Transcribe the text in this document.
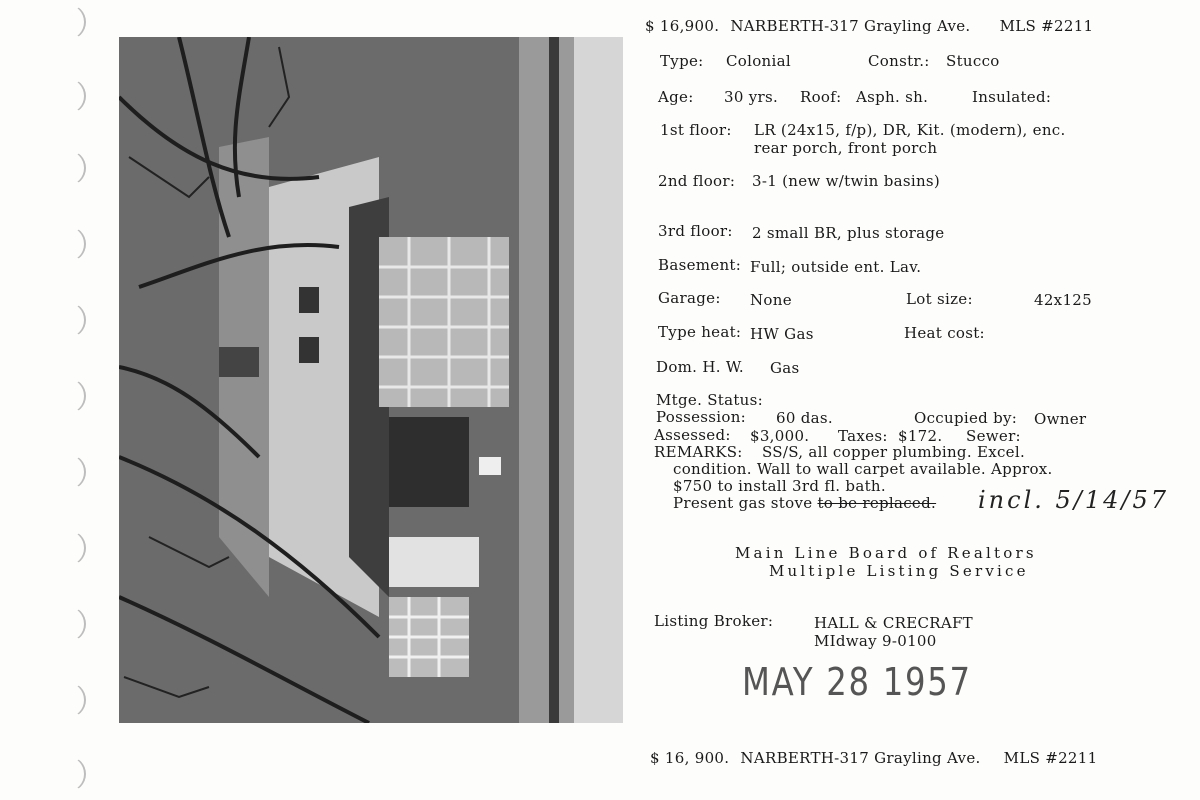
$ 16,900. NARBERTH-317 Grayling Ave. MLS #2211
Type: Colonial	Constr.: Stucco
Age: 30 yrs. Roof: Asph. sh.	Insulated:
1st floor: LR (24x15, f/p), DR, Kit. (modern), enc.
rear porch, front porch
2nd floor: 3-1 (new w/twin basins)
3rd floor: 2 small BR, plus storage
Basement: Full; outside ent. Lav.
Garage: None	Lot size:	42x125
Type heat: HW Gas	Heat cost:
Dom. H. W. Gas
Mtge. Status:
Possession: 60 das.	Occupied by: Owner
Assessed: $3,000. Taxes: $172. Sewer:
REMARKS: SS/S, all copper plumbing. Excel.
condition. Wall to wall carpet available. Approx.
$750 to install 3rd fl. bath.
Present gas stove to be replaced. incl. 5/14/57
Main Line Board of Realtors
Multiple Listing Service
Listing Broker:	HALL & CRECRAFT
MIdway 9-0100
MAY 28 1957
$ 16, 900. NARBERTH-317 Grayling Ave. MLS #2211
